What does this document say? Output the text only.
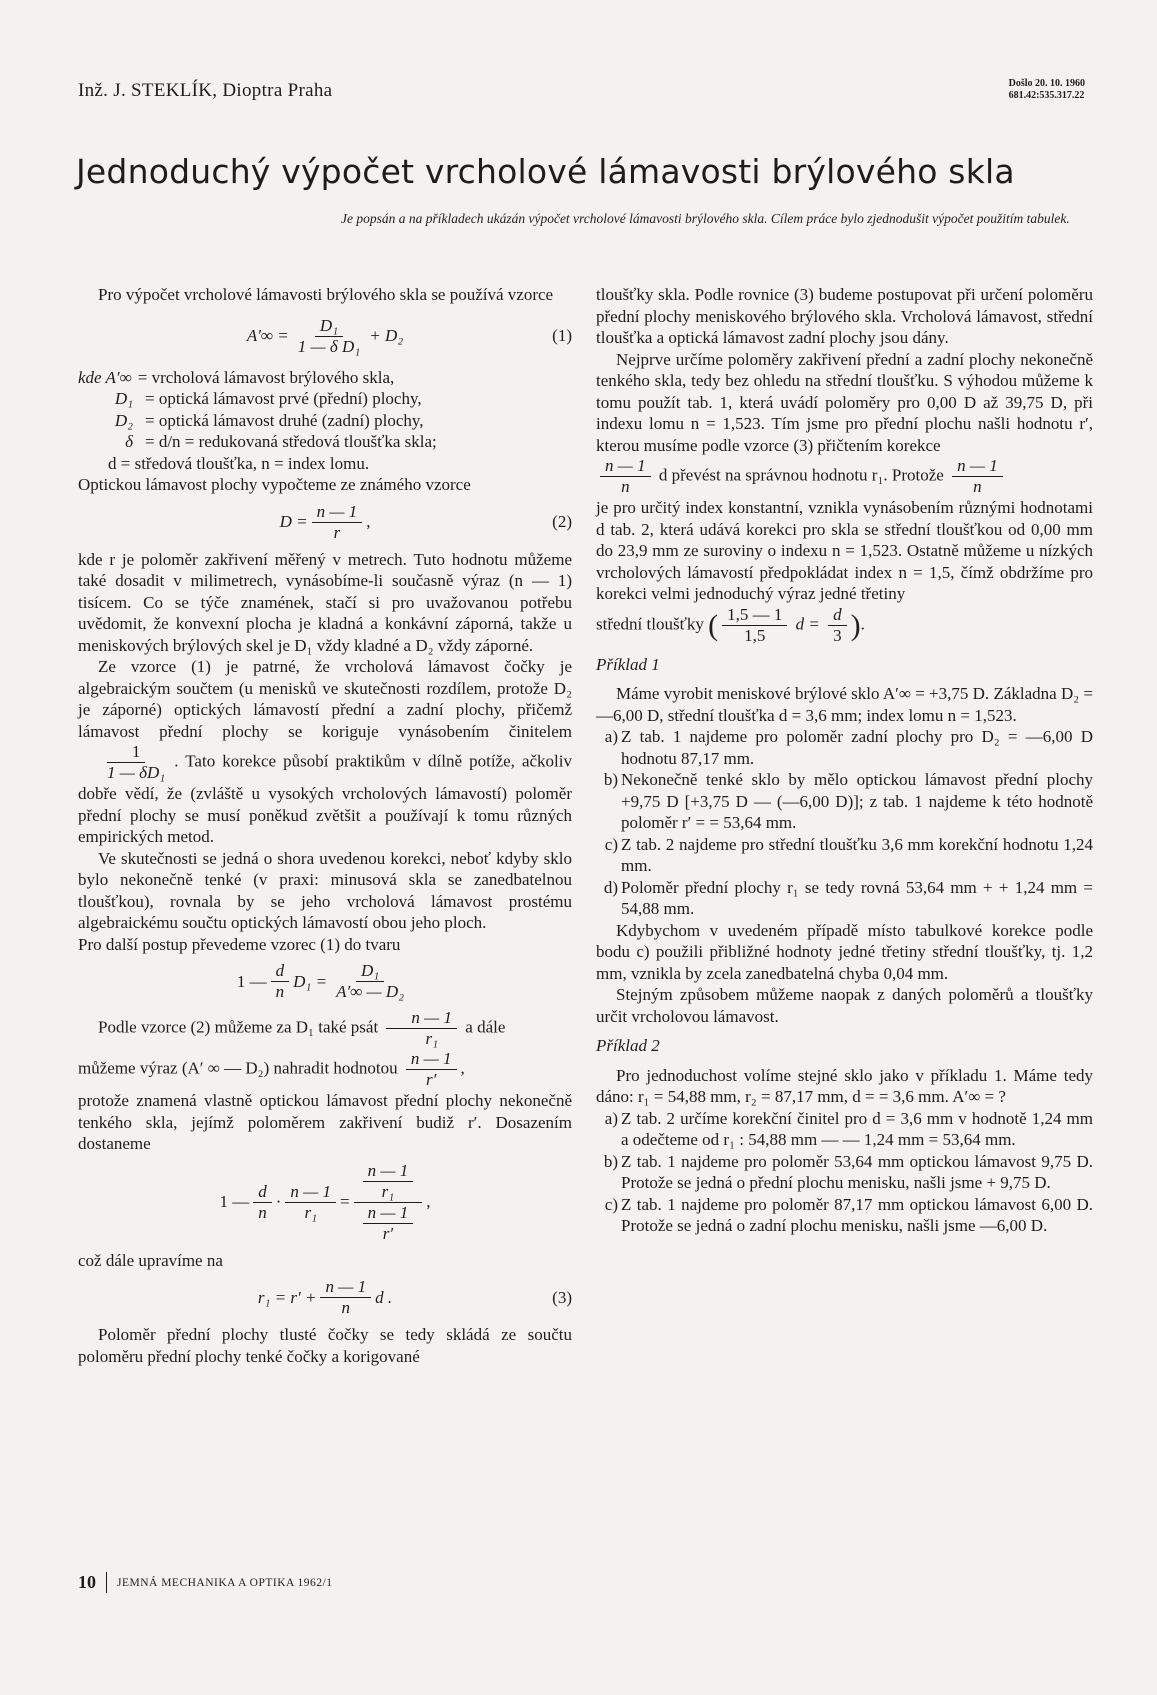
Inž. J. STEKLÍK, Dioptra Praha	Došlo 20. 10. 1960
681.42:535.317.22
Jednoduchý výpočet vrcholové lámavosti brýlového skla

Je popsán a na příkladech ukázán výpočet vrcholové lámavosti brýlového skla. Cílem práce bylo zjednodušit výpočet použitím tabulek.

Pro výpočet vrcholové lámavosti brýlového skla se používá vzorce

$A'\infty = \frac{\text{D₁}}{\text{1 — δ D₁}} + D_2$	(1)
kde A′∞ = vrcholová lámavost brýlového skla,
D₁ = optická lámavost prvé (přední) plochy,
D₂ = optická lámavost druhé (zadní) plochy,
δ = d/n = redukovaná středová tloušťka skla;

d = středová tloušťka, n = index lomu.

Optickou lámavost plochy vypočteme ze známého vzorce

$D = \frac{n — 1}{r}$ ,	(2)

kde r je poloměr zakřivení měřený v metrech. Tuto hodnotu můžeme také dosadit v milimetrech, vynásobíme-li současně výraz (n — 1) tisícem. Co se týče znamének, stačí si pro uvažovanou potřebu uvědomit, že konvexní plocha je kladná a konkávní záporná, takže u meniskových brýlových skel je D₁ vždy kladné a D₂ vždy záporné.

Ze vzorce (1) je patrné, že vrcholová lámavost čočky je algebraickým součtem (u menisků ve skutečnosti rozdílem, protože D₂ je záporné) optických lámavostí přední a zadní plochy, přičemž lámavost přední plochy se koriguje vynásobením činitelem
$\frac{1}{\text{1 — δD₁}}$ . Tato korekce působí praktikům v dílně potíže, ačkoliv dobře vědí, že (zvláště u vysokých vrcholových lámavostí) poloměr přední plochy se musí poněkud zvětšit a používají k tomu různých empirických metod.

Ve skutečnosti se jedná o shora uvedenou korekci, neboť kdyby sklo bylo nekonečně tenké (v praxi: minusová skla se zanedbatelnou tloušťkou), rovnala by se jeho vrcholová lámavost prostému algebraickému součtu optických lámavostí obou jeho ploch.

Pro další postup převedeme vzorec (1) do tvaru

1 — $\frac{d}{n} D_1 = \frac{\text{D₁}}{\text{A′∞ — D₂}}$

Podle vzorce (2) můžeme za D₁ také psát $\frac{n — 1}{\text{r₁}}$ a dále

můžeme výraz (A′ ∞ — D₂) nahradit hodnotou $\frac{n — 1}{r'}$ ,

protože znamená vlastně optickou lámavost přední plochy nekonečně tenkého skla, jejímž poloměrem zakřivení budiž r′. Dosazením dostaneme

1 — $\frac{d}{n} \cdot \frac{n — 1}{\text{r₁}} = \frac{\frac{n — 1}{\text{r₁}}}{\frac{n — 1}{r'}}$ ,

což dále upravíme na

$r_1 = r' + \frac{n — 1}{n}$ d .	(3)

Poloměr přední plochy tlusté čočky se tedy skládá ze součtu poloměru přední plochy tenké čočky a korigované

tloušťky skla. Podle rovnice (3) budeme postupovat při určení poloměru přední plochy meniskového brýlového skla. Vrcholová lámavost, střední tloušťka a optická lámavost zadní plochy jsou dány.

Nejprve určíme poloměry zakřivení přední a zadní plochy nekonečně tenkého skla, tedy bez ohledu na střední tloušťku. S výhodou můžeme k tomu použít tab. 1, která uvádí poloměry pro 0,00 D až 39,75 D, při indexu lomu n = 1,523. Tím jsme pro přední plochu našli hodnotu r′, kterou musíme podle vzorce (3) přičtením korekce

$\frac{n — 1}{n}$ d převést na správnou hodnotu r₁. Protože $\frac{n — 1}{n}$

je pro určitý index konstantní, vznikla vynásobením různými hodnotami d tab. 2, která udává korekci pro skla se střední tloušťkou od 0,00 mm do 23,9 mm ze suroviny o indexu n = 1,523. Ostatně můžeme u nízkých vrcholových lámavostí předpokládat index n = 1,5, čímž obdržíme pro korekci velmi jednoduchý výraz jedné třetiny

střední tloušťky ( $\frac{1,5 — 1}{1,5}$ $d = \frac{d}{3}$ ).

Příklad 1

Máme vyrobit meniskové brýlové sklo A′∞ = +3,75 D. Základna D₂ = —6,00 D, střední tloušťka d = 3,6 mm; index lomu n = 1,523.

a) Z tab. 1 najdeme pro poloměr zadní plochy pro D₂ = —6,00 D hodnotu 87,17 mm.
b) Nekonečně tenké sklo by mělo optickou lámavost přední plochy +9,75 D [+3,75 D — (—6,00 D)]; z tab. 1 najdeme k této hodnotě poloměr r′ = = 53,64 mm.
c) Z tab. 2 najdeme pro střední tloušťku 3,6 mm korekční hodnotu 1,24 mm.
d) Poloměr přední plochy r₁ se tedy rovná 53,64 mm + + 1,24 mm = 54,88 mm.

Kdybychom v uvedeném případě místo tabulkové korekce podle bodu c) použili přibližné hodnoty jedné třetiny střední tloušťky, tj. 1,2 mm, vznikla by zcela zanedbatelná chyba 0,04 mm.

Stejným způsobem můžeme naopak z daných poloměrů a tloušťky určit vrcholovou lámavost.

Příklad 2

Pro jednoduchost volíme stejné sklo jako v příkladu 1. Máme tedy dáno: r₁ = 54,88 mm, r₂ = 87,17 mm, d = = 3,6 mm. A′∞ = ?

a) Z tab. 2 určíme korekční činitel pro d = 3,6 mm v hodnotě 1,24 mm a odečteme od r₁ : 54,88 mm — — 1,24 mm = 53,64 mm.
b) Z tab. 1 najdeme pro poloměr 53,64 mm optickou lámavost 9,75 D. Protože se jedná o přední plochu menisku, našli jsme + 9,75 D.
c) Z tab. 1 najdeme pro poloměr 87,17 mm optickou lámavost 6,00 D. Protože se jedná o zadní plochu menisku, našli jsme —6,00 D.
10	JEMNÁ MECHANIKA A OPTIKA 1962/1
